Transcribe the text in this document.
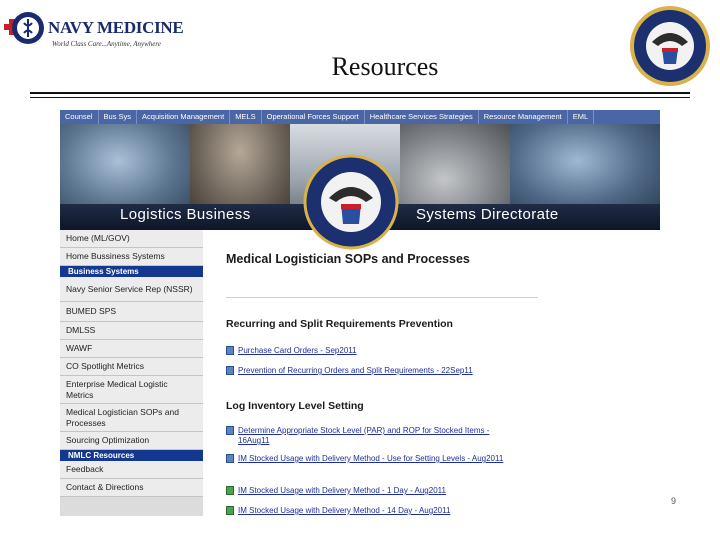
NAVY MEDICINE
World Class Care...Anytime, Anywhere
Resources
Counsel	Bus Sys	Acquisition Management	MELS	Operational Forces Support	Healthcare Services Strategies	Resource Management	EML
Logistics Business	Systems Directorate
Home (ML/GOV)
Home Bussiness Systems
Business Systems
Navy Senior Service Rep (NSSR)
BUMED SPS
DMLSS
WAWF
CO Spotlight Metrics
Enterprise Medical Logistic Metrics
Medical Logistician SOPs and Processes
Sourcing Optimization
NMLC Resources
Feedback
Contact & Directions
Medical Logistician SOPs and Processes
Recurring and Split Requirements Prevention
Purchase Card Orders - Sep2011
Prevention of Recurring Orders and Split Requirements - 22Sep11
Log Inventory Level Setting
Determine Appropriate Stock Level (PAR) and ROP for Stocked Items - 16Aug11
IM Stocked Usage with Delivery Method - Use for Setting Levels - Aug2011
IM Stocked Usage with Delivery Method - 1 Day - Aug2011
IM Stocked Usage with Delivery Method - 14 Day - Aug2011
9
